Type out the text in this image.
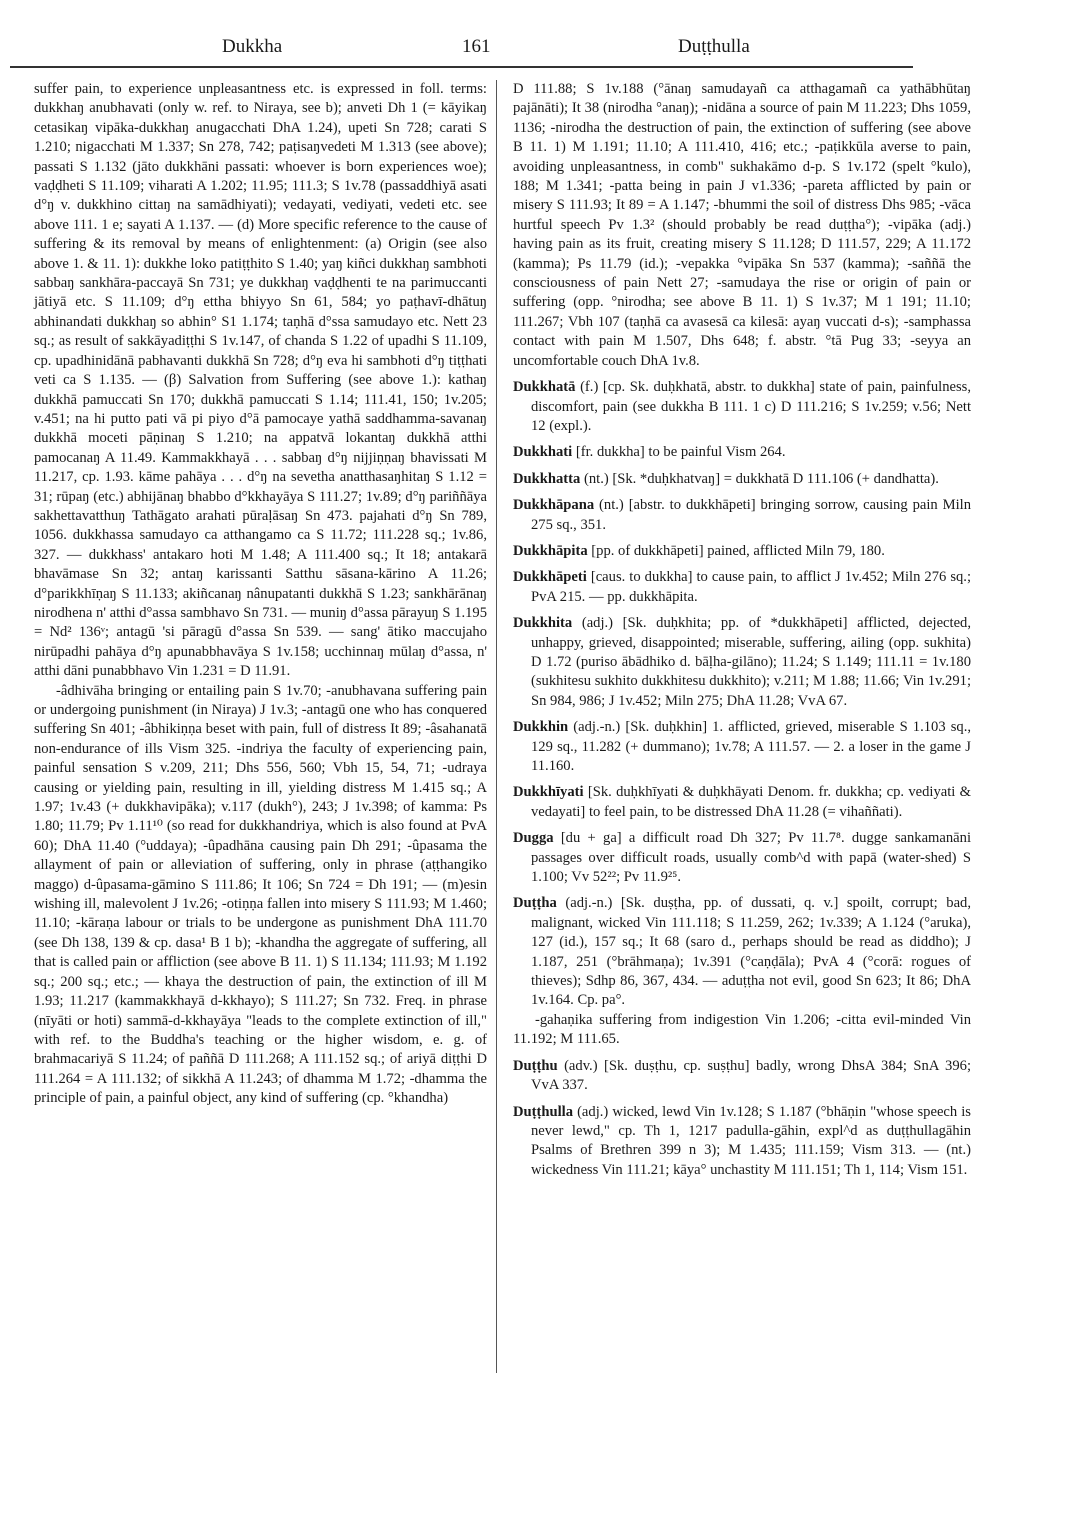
Dukkha	161	Duṭṭhulla

suffer pain, to experience unpleasantness etc. is expressed in foll. terms: dukkhaŋ anubhavati (only w. ref. to Niraya, see b); anveti Dh 1 (= kāyikaŋ cetasikaŋ vipāka-dukkhaŋ anugacchati DhA 1.24), upeti Sn 728; carati S 1.210; nigacchati M 1.337; Sn 278, 742; paṭisaŋvedeti M 1.313 (see above); passati S 1.132 (jāto dukkhāni passati: whoever is born experiences woe); vaḍḍheti S 11.109; viharati A 1.202; 11.95; 111.3; S 1v.78 (passaddhiyā asati d°ŋ v. dukkhino cittaŋ na samādhiyati); vedayati, vediyati, vedeti etc. see above 111. 1 e; sayati A 1.137. — (d) More specific reference to the cause of suffering & its removal by means of enlightenment: (a) Origin (see also above 1. & 11. 1): dukkhe loko patiṭṭhito S 1.40; yaŋ kiñci dukkhaŋ sambhoti sabbaŋ sankhāra-paccayā Sn 731; ye dukkhaŋ vaḍḍhenti te na parimuccanti jātiyā etc. S 11.109; d°ŋ ettha bhiyyo Sn 61, 584; yo paṭhavī-dhātuŋ abhinandati dukkhaŋ so abhin° S1 1.174; taṇhā d°ssa samudayo etc. Nett 23 sq.; as result of sakkāyadiṭṭhi S 1v.147, of chanda S 1.22 of upadhi S 11.109, cp. upadhinidānā pabhavanti dukkhā Sn 728; d°ŋ eva hi sambhoti d°ŋ tiṭṭhati veti ca S 1.135. — (β) Salvation from Suffering (see above 1.): kathaŋ dukkhā pamuccati Sn 170; dukkhā pamuccati S 1.14; 111.41, 150; 1v.205; v.451; na hi putto pati vā pi piyo d°ā pamocaye yathā saddhamma-savanaŋ dukkhā moceti pāṇinaŋ S 1.210; na appatvā lokantaŋ dukkhā atthi pamocanaŋ A 11.49. Kammakkhayā . . . sabbaŋ d°ŋ nijjiṇṇaŋ bhavissati M 11.217, cp. 1.93. kāme pahāya . . . d°ŋ na sevetha anatthasaŋhitaŋ S 1.12 = 31; rūpaŋ (etc.) abhijānaŋ bhabbo d°kkhayāya S 111.27; 1v.89; d°ŋ pariññāya sakhettavatthuŋ Tathāgato arahati pūraḷāsaŋ Sn 473. pajahati d°ŋ Sn 789, 1056. dukkhassa samudayo ca atthangamo ca S 11.72; 111.228 sq.; 1v.86, 327. — dukkhass' antakaro hoti M 1.48; A 111.400 sq.; It 18; antakarā bhavāmase Sn 32; antaŋ karissanti Satthu sāsana-kārino A 11.26; d°parikkhīṇaŋ S 11.133; akiñcanaŋ nânupatanti dukkhā S 1.23; sankhārānaŋ nirodhena n' atthi d°assa sambhavo Sn 731. — muniŋ d°assa pārayuŋ S 1.195 = Nd² 136ᵛ; antagū 'si pāragū d°assa Sn 539. — sang' ātiko maccujaho nirūpadhi pahāya d°ŋ apunabbhavāya S 1v.158; ucchinnaŋ mūlaŋ d°assa, n' atthi dāni punabbhavo Vin 1.231 = D 11.91.

-âdhivāha bringing or entailing pain S 1v.70; -anubhavana suffering pain or undergoing punishment (in Niraya) J 1v.3; -antagū one who has conquered suffering Sn 401; -âbhikiṇṇa beset with pain, full of distress It 89; -âsahanatā non-endurance of ills Vism 325. -indriya the faculty of experiencing pain, painful sensation S v.209, 211; Dhs 556, 560; Vbh 15, 54, 71; -udraya causing or yielding pain, resulting in ill, yielding distress M 1.415 sq.; A 1.97; 1v.43 (+ dukkhavipāka); v.117 (dukh°), 243; J 1v.398; of kamma: Ps 1.80; 11.79; Pv 1.11¹⁰ (so read for dukkhandriya, which is also found at PvA 60); DhA 11.40 (°uddaya); -ûpadhāna causing pain Dh 291; -ûpasama the allayment of pain or alleviation of suffering, only in phrase (aṭṭhangiko maggo) d-ûpasama-gāmino S 111.86; It 106; Sn 724 = Dh 191; — (m)esin wishing ill, malevolent J 1v.26; -otiṇṇa fallen into misery S 111.93; M 1.460; 11.10; -kāraṇa labour or trials to be undergone as punishment DhA 111.70 (see Dh 138, 139 & cp. dasa¹ B 1 b); -khandha the aggregate of suffering, all that is called pain or affliction (see above B 11. 1) S 11.134; 111.93; M 1.192 sq.; 200 sq.; etc.; — khaya the destruction of pain, the extinction of ill M 1.93; 11.217 (kammakkhayā d-kkhayo); S 111.27; Sn 732. Freq. in phrase (nīyāti or hoti) sammā-d-kkhayāya "leads to the complete extinction of ill," with ref. to the Buddha's teaching or the higher wisdom, e. g. of brahmacariyā S 11.24; of paññā D 111.268; A 111.152 sq.; of ariyā diṭṭhi D 111.264 = A 111.132; of sikkhā A 11.243; of dhamma M 1.72; -dhamma the principle of pain, a painful object, any kind of suffering (cp. °khandha)

D 111.88; S 1v.188 (°ānaŋ samudayañ ca atthagamañ ca yathābhūtaŋ pajānāti); It 38 (nirodha °anaŋ); -nidāna a source of pain M 11.223; Dhs 1059, 1136; -nirodha the destruction of pain, the extinction of suffering (see above B 11. 1) M 1.191; 11.10; A 111.410, 416; etc.; -paṭikkūla averse to pain, avoiding unpleasantness, in comb" sukhakāmo d-p. S 1v.172 (spelt °kulo), 188; M 1.341; -patta being in pain J v1.336; -pareta afflicted by pain or misery S 111.93; It 89 = A 1.147; -bhummi the soil of distress Dhs 985; -vāca hurtful speech Pv 1.3² (should probably be read duṭṭha°); -vipāka (adj.) having pain as its fruit, creating misery S 11.128; D 111.57, 229; A 11.172 (kamma); Ps 11.79 (id.); -vepakka °vipāka Sn 537 (kamma); -saññā the consciousness of pain Nett 27; -samudaya the rise or origin of pain or suffering (opp. °nirodha; see above B 11. 1) S 1v.37; M 1 191; 11.10; 111.267; Vbh 107 (taṇhā ca avasesā ca kilesā: ayaŋ vuccati d-s); -samphassa contact with pain M 1.507, Dhs 648; f. abstr. °tā Pug 33; -seyya an uncomfortable couch DhA 1v.8.

Dukkhatā (f.) [cp. Sk. duḥkhatā, abstr. to dukkha] state of pain, painfulness, discomfort, pain (see dukkha B 111. 1 c) D 111.216; S 1v.259; v.56; Nett 12 (expl.).

Dukkhati [fr. dukkha] to be painful Vism 264.

Dukkhatta (nt.) [Sk. *duḥkhatvaŋ] = dukkhatā D 111.106 (+ dandhatta).

Dukkhāpana (nt.) [abstr. to dukkhāpeti] bringing sorrow, causing pain Miln 275 sq., 351.

Dukkhāpita [pp. of dukkhāpeti] pained, afflicted Miln 79, 180.

Dukkhāpeti [caus. to dukkha] to cause pain, to afflict J 1v.452; Miln 276 sq.; PvA 215. — pp. dukkhāpita.

Dukkhita (adj.) [Sk. duḥkhita; pp. of *dukkhāpeti] afflicted, dejected, unhappy, grieved, disappointed; miserable, suffering, ailing (opp. sukhita) D 1.72 (puriso ābādhiko d. bāḷha-gilāno); 11.24; S 1.149; 111.11 = 1v.180 (sukhitesu sukhito dukkhitesu dukkhito); v.211; M 1.88; 11.66; Vin 1v.291; Sn 984, 986; J 1v.452; Miln 275; DhA 11.28; VvA 67.

Dukkhin (adj.-n.) [Sk. duḥkhin] 1. afflicted, grieved, miserable S 1.103 sq., 129 sq., 11.282 (+ dummano); 1v.78; A 111.57. — 2. a loser in the game J 11.160.

Dukkhīyati [Sk. duḥkhīyati & duḥkhāyati Denom. fr. dukkha; cp. vediyati & vedayati] to feel pain, to be distressed DhA 11.28 (= vihaññati).

Dugga [du + ga] a difficult road Dh 327; Pv 11.7⁸. dugge sankamanāni passages over difficult roads, usually comb^d with papā (water-shed) S 1.100; Vv 52²²; Pv 11.9²⁵.

Duṭṭha (adj.-n.) [Sk. duṣṭha, pp. of dussati, q. v.] spoilt, corrupt; bad, malignant, wicked Vin 111.118; S 11.259, 262; 1v.339; A 1.124 (°aruka), 127 (id.), 157 sq.; It 68 (saro d., perhaps should be read as diddho); J 1.187, 251 (°brāhmaṇa); 1v.391 (°caṇḍāla); PvA 4 (°corā: rogues of thieves); Sdhp 86, 367, 434. — aduṭṭha not evil, good Sn 623; It 86; DhA 1v.164. Cp. pa°.

-gahaṇika suffering from indigestion Vin 1.206; -citta evil-minded Vin 11.192; M 111.65.

Duṭṭhu (adv.) [Sk. duṣṭhu, cp. suṣṭhu] badly, wrong DhsA 384; SnA 396; VvA 337.

Duṭṭhulla (adj.) wicked, lewd Vin 1v.128; S 1.187 (°bhāṇin "whose speech is never lewd," cp. Th 1, 1217 padulla-gāhin, expl^d as duṭṭhullagāhin Psalms of Brethren 399 n 3); M 1.435; 111.159; Vism 313. — (nt.) wickedness Vin 111.21; kāya° unchastity M 111.151; Th 1, 114; Vism 151.
